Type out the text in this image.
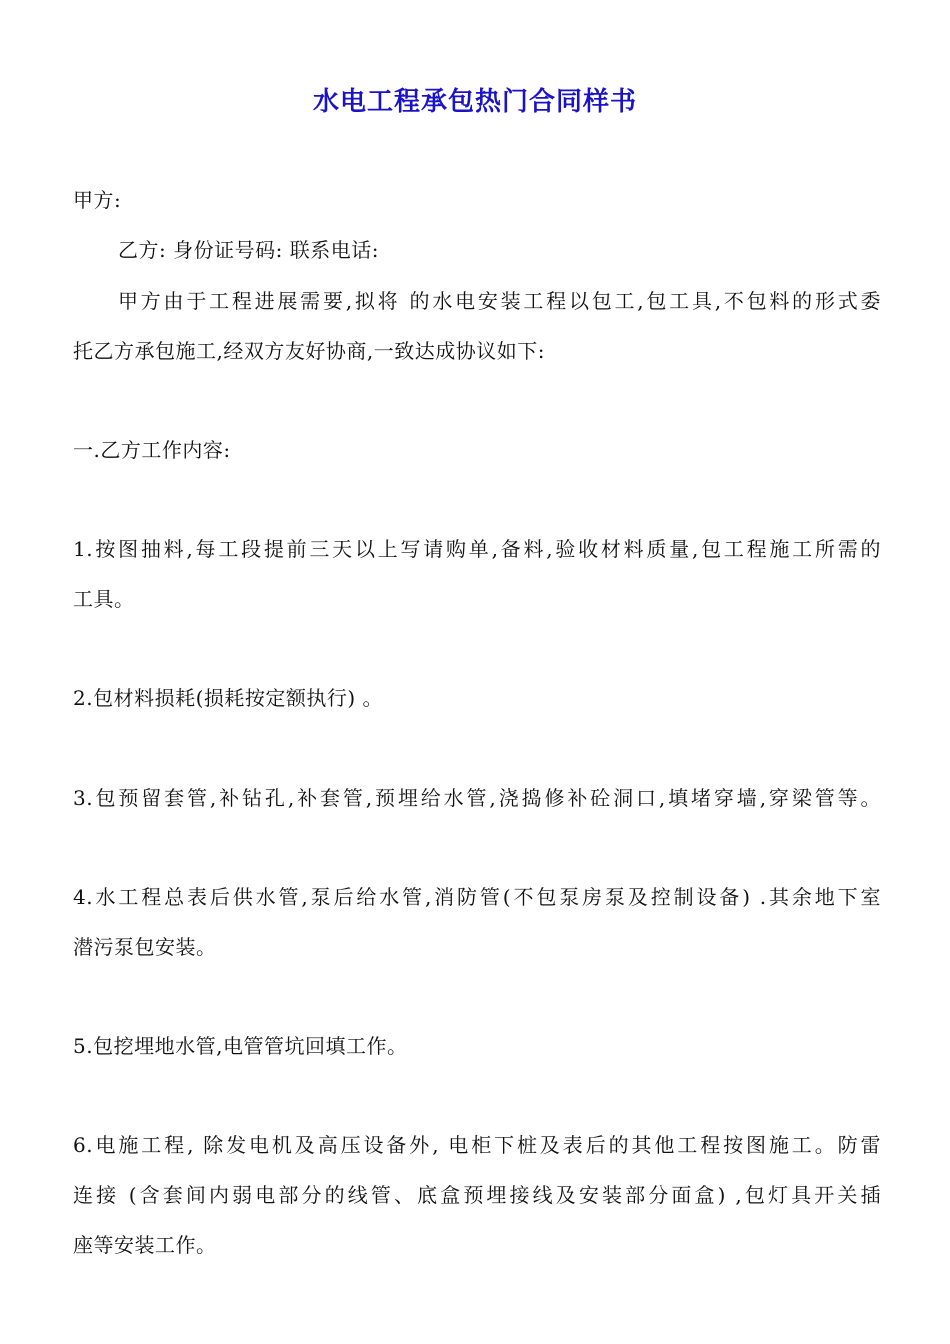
水电工程承包热门合同样书
甲方:
乙方: 身份证号码: 联系电话:
甲方由于工程进展需要,拟将 的水电安装工程以包工,包工具,不包料的形式委
托乙方承包施工,经双方友好协商,一致达成协议如下:
一.乙方工作内容:
1.按图抽料,每工段提前三天以上写请购单,备料,验收材料质量,包工程施工所需的
工具。
2.包材料损耗(损耗按定额执行) 。
3.包预留套管,补钻孔,补套管,预埋给水管,浇捣修补砼洞口,填堵穿墙,穿梁管等。
4.水工程总表后供水管,泵后给水管,消防管(不包泵房泵及控制设备) .其余地下室
潜污泵包安装。
5.包挖埋地水管,电管管坑回填工作。
6.电施工程, 除发电机及高压设备外, 电柜下桩及表后的其他工程按图施工。防雷
连接 (含套间内弱电部分的线管、底盒预埋接线及安装部分面盒) ,包灯具开关插
座等安装工作。
